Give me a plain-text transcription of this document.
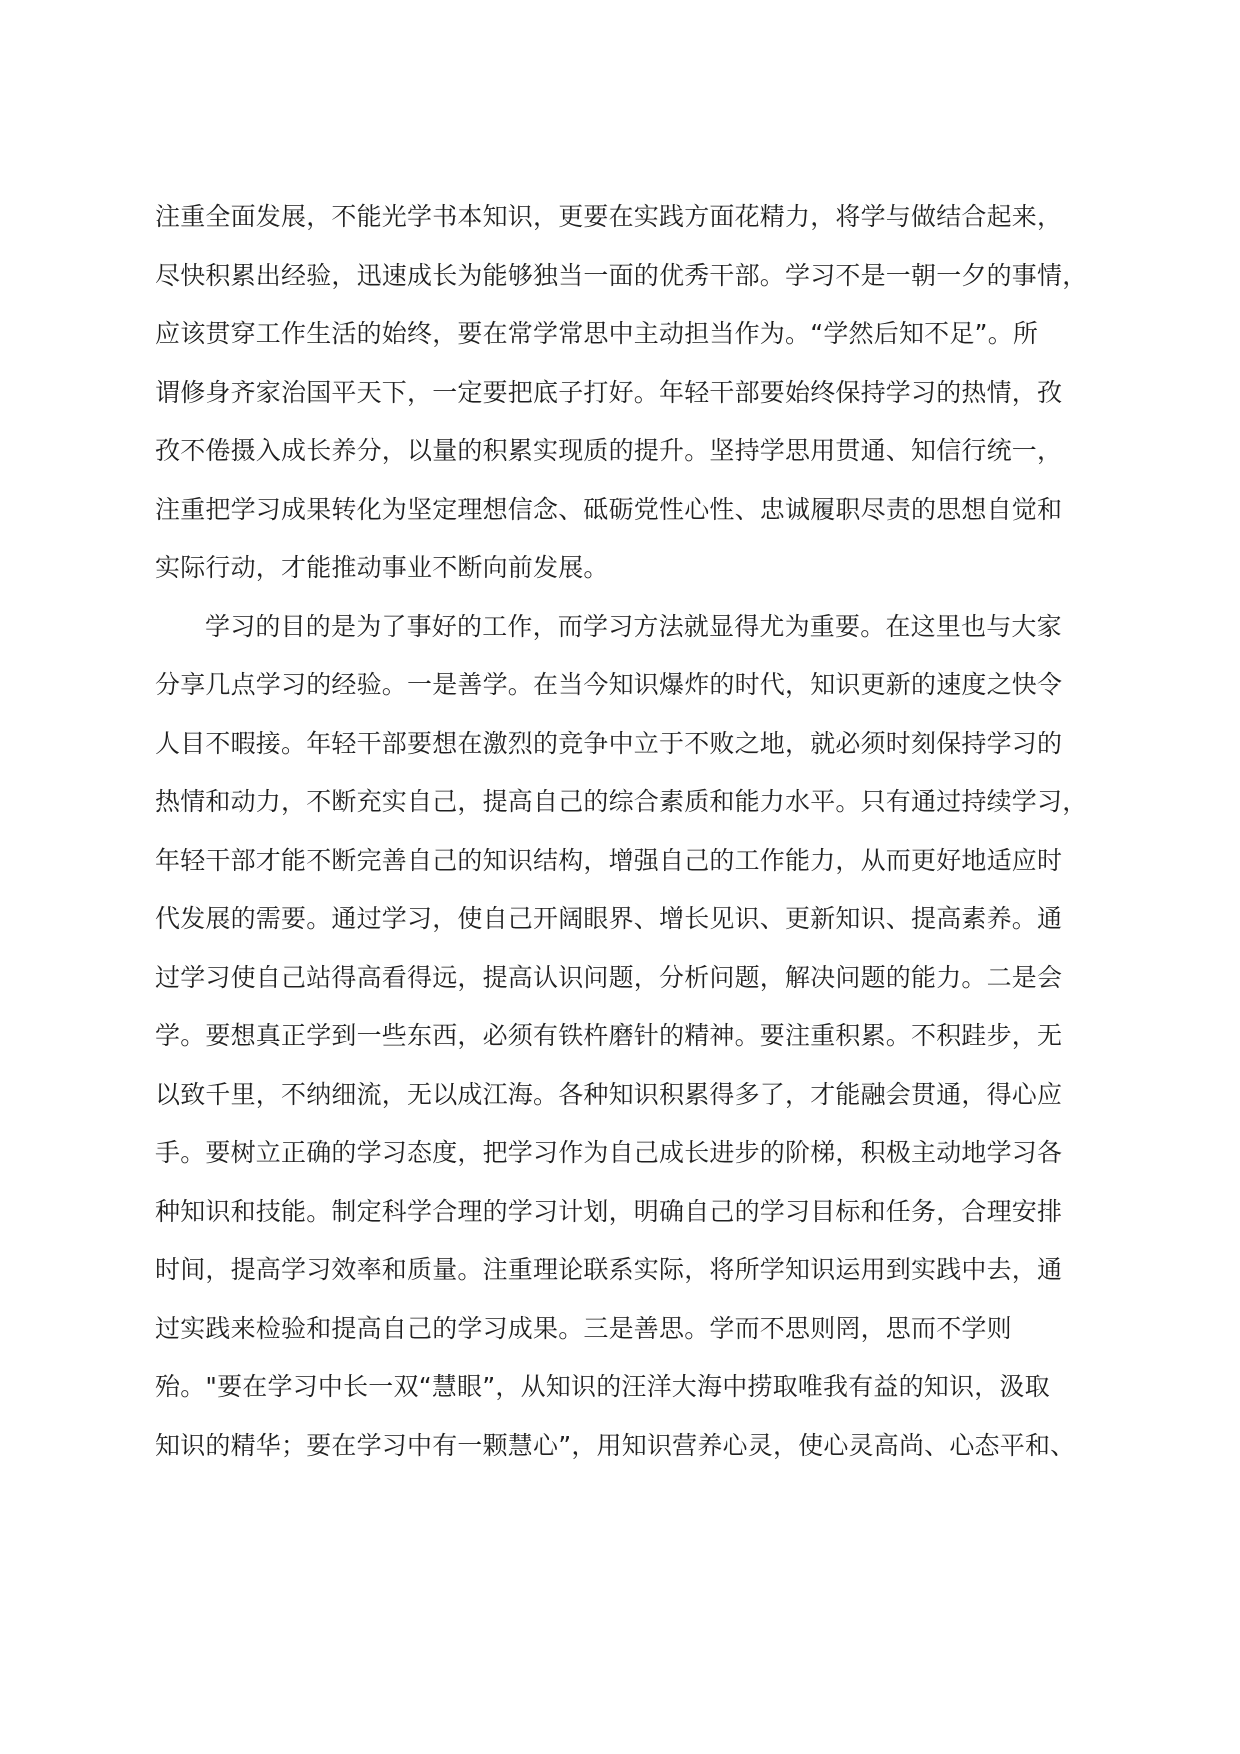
注重全面发展，不能光学书本知识，更要在实践方面花精力，将学与做结合起来，
尽快积累出经验，迅速成长为能够独当一面的优秀干部。学习不是一朝一夕的事情，
应该贯穿工作生活的始终，要在常学常思中主动担当作为。“学然后知不足”。所
谓修身齐家治国平天下，一定要把底子打好。年轻干部要始终保持学习的热情，孜
孜不倦摄入成长养分，以量的积累实现质的提升。坚持学思用贯通、知信行统一，
注重把学习成果转化为坚定理想信念、砥砺党性心性、忠诚履职尽责的思想自觉和
实际行动，才能推动事业不断向前发展。
学习的目的是为了事好的工作，而学习方法就显得尤为重要。在这里也与大家
分享几点学习的经验。一是善学。在当今知识爆炸的时代，知识更新的速度之快令
人目不暇接。年轻干部要想在激烈的竞争中立于不败之地，就必须时刻保持学习的
热情和动力，不断充实自己，提高自己的综合素质和能力水平。只有通过持续学习，
年轻干部才能不断完善自己的知识结构，增强自己的工作能力，从而更好地适应时
代发展的需要。通过学习，使自己开阔眼界、增长见识、更新知识、提高素养。通
过学习使自己站得高看得远，提高认识问题，分析问题，解决问题的能力。二是会
学。要想真正学到一些东西，必须有铁杵磨针的精神。要注重积累。不积跬步，无
以致千里，不纳细流，无以成江海。各种知识积累得多了，才能融会贯通，得心应
手。要树立正确的学习态度，把学习作为自己成长进步的阶梯，积极主动地学习各
种知识和技能。制定科学合理的学习计划，明确自己的学习目标和任务，合理安排
时间，提高学习效率和质量。注重理论联系实际，将所学知识运用到实践中去，通
过实践来检验和提高自己的学习成果。三是善思。学而不思则罔，思而不学则
殆。"要在学习中长一双“慧眼”，从知识的汪洋大海中捞取唯我有益的知识，汲取
知识的精华；要在学习中有一颗慧心”，用知识营养心灵，使心灵高尚、心态平和、
